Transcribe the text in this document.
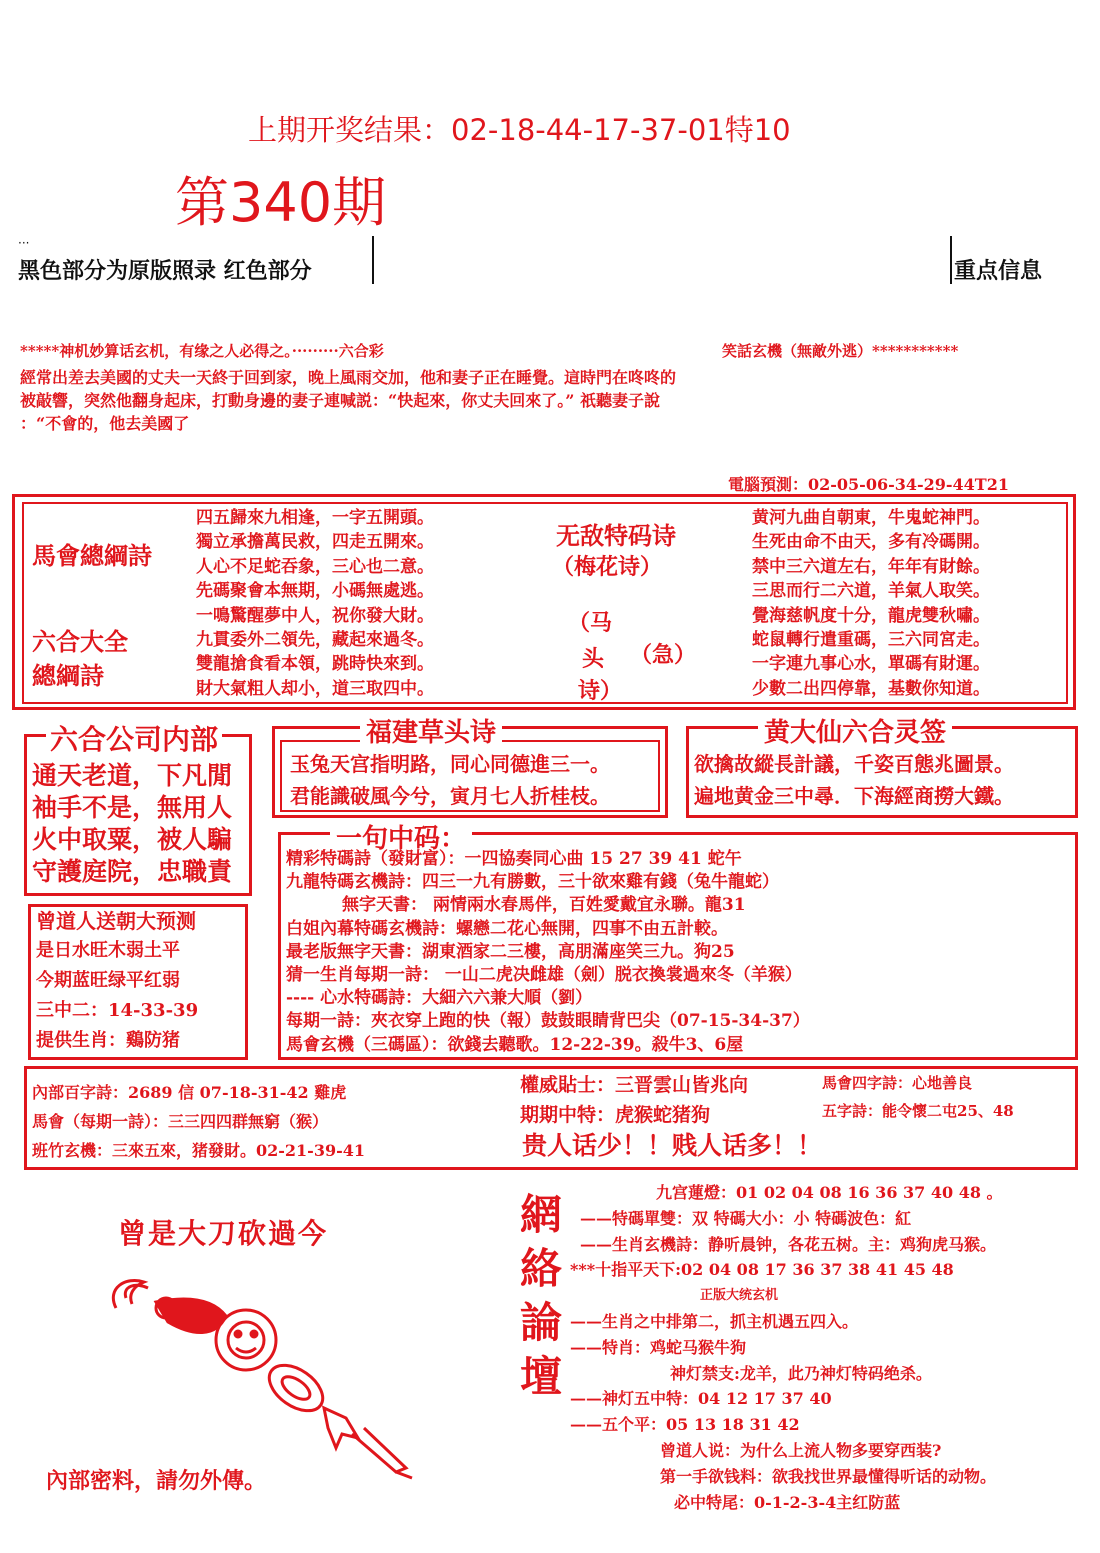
上期开奖结果：02-18-44-17-37-01特10
第340期
···
黑色部分为原版照录 红色部分	重点信息
*****神机妙算话玄机，有缘之人必得之。·········六合彩	笑話玄機（無敵外逃）***********
經常出差去美國的丈夫一天終于回到家，晚上風雨交加，他和妻子正在睡覺。這時門在咚咚的
被敲響，突然他翻身起床，打動身邊的妻子連喊説：“快起來，你丈夫回來了。” 祇聽妻子說
：“不會的，他去美國了
電腦預測：02-05-06-34-29-44T21
馬會總綱詩
六合大全
總綱詩
四五歸來九相逢，一字五開頭。
獨立承擔萬民救，四走五開來。
人心不足蛇吞象，三心也二意。
先碼聚會本無期，小碼無處逃。
一鳴驚醒夢中人，祝你發大財。
九貫委外二領先，藏起來過冬。
雙龍搶食看本領，跳時快來到。
財大氣粗人却小，道三取四中。
无敌特码诗
（梅花诗）
（马
头
诗）
（急）
黄河九曲自朝東，牛鬼蛇神門。
生死由命不由天，多有冷碼開。
禁中三六道左右，年年有財餘。
三思而行二六道，羊氣人取笑。
覺海慈帆度十分，龍虎雙秋嘯。
蛇鼠轉行遣重碼，三六同宮走。
一字連九事心水，單碼有財運。
少數二出四停靠，基數你知道。
六合公司内部
通天老道，下凡閒
袖手不是，無用人
火中取粟，被人騙
守護庭院，忠職責
福建草头诗
玉兔天宫指明路，同心同德進三一。
君能識破風今兮，寅月七人折桂枝。
黄大仙六合灵签
欲擒故縱長計議，千姿百態兆圖景。
遍地黄金三中尋．下海經商撈大鐵。
曾道人送朝大预测
是日水旺木弱土平
今期蓝旺绿平红弱
三中二：14-33-39
提供生肖：鷄防猪
一句中码：
精彩特碼詩（發財富）：一四協奏同心曲 15 27 39 41 蛇午
九龍特碼玄機詩：四三一九有勝數，三十欲來雞有錢（兔牛龍蛇）
無字天書： 兩情兩水春馬伴，百姓愛戴宜永聯。龍31
白姐內幕特碼玄機詩：螺戀二花心無開，四事不由五計較。
最老版無字天書：湖東酒家二三樓，高朋滿座笑三九。狗25
猜一生肖每期一詩： 一山二虎决雌雄（劍）脱衣換裳過來冬（羊猴）
---- 心水特碼詩：大細六六兼大順（劉）
每期一詩：夾衣穿上跑的快（報）鼓鼓眼睛背巴尖（07-15-34-37）
馬會玄機（三碼區）：欲錢去聽歌。12-22-39。殺牛3、6屋
內部百字詩：2689 信 07-18-31-42 雞虎
馬會（每期一詩）：三三四四群無窮（猴）
班竹玄機：三來五來，猪發財。02-21-39-41
權威貼士：三晋雲山皆兆向
期期中特：虎猴蛇猪狗
馬會四字詩：心地善良
五字詩：能令懷二屯25、48
贵人话少！！贱人话多！！
曾是大刀砍過今
內部密料，請勿外傳。
網絡論壇
九宫蓮燈：01 02 04 08 16 36 37 40 48 。
——特碼單雙：双 特碼大小：小 特碼波色：紅
——生肖玄機詩：静听晨钟，各花五树。主：鸡狗虎马猴。
***十指平天下:02 04 08 17 36 37 38 41 45 48
正版大统玄机
——生肖之中排第二，抓主机遇五四入。
——特肖：鸡蛇马猴牛狗
神灯禁支:龙羊，此乃神灯特码绝杀。
——神灯五中特：04 12 17 37 40
——五个平：05 13 18 31 42
曾道人说：为什么上流人物多要穿西装?
第一手欲钱料：欲我找世界最懂得听话的动物。
必中特尾：0-1-2-3-4主红防蓝
